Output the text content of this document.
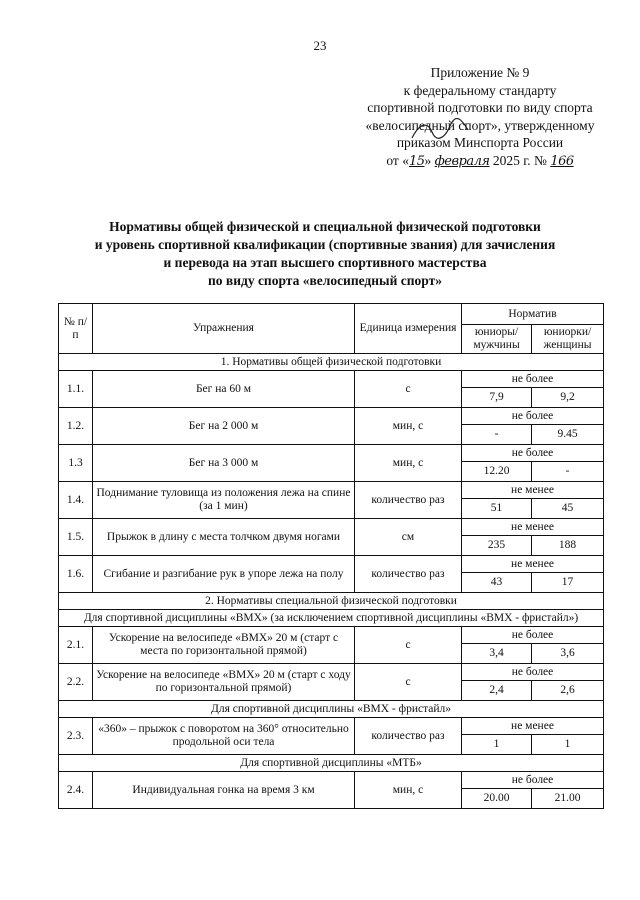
23
Приложение № 9
к федеральному стандарту
спортивной подготовки по виду спорта
«велосипедный спорт», утвержденному
приказом Минспорта России
от «15» февраля 2025 г. № 166
Нормативы общей физической и специальной физической подготовки
и уровень спортивной квалификации (спортивные звания) для зачисления
и перевода на этап высшего спортивного мастерства
по виду спорта «велосипедный спорт»
№ п/п	Упражнения	Единица измерения	Норматив	
			юниоры/ мужчины	юниорки/ женщины
1. Нормативы общей физической подготовки				
1.1.	Бег на 60 м	с	не более	
			7,9	9,2
1.2.	Бег на 2 000 м	мин, с	не более	
			-	9.45
1.3	Бег на 3 000 м	мин, с	не более	
			12.20	-
1.4.	Поднимание туловища из положения лежа на спине (за 1 мин)	количество раз	не менее	
			51	45
1.5.	Прыжок в длину с места толчком двумя ногами	см	не менее	
			235	188
1.6.	Сгибание и разгибание рук в упоре лежа на полу	количество раз	не менее	
			43	17
2. Нормативы специальной физической подготовки				
Для спортивной дисциплины «BMX» (за исключением спортивной дисциплины «BMX - фристайл»)				
2.1.	Ускорение на велосипеде «BMX» 20 м (старт с места по горизонтальной прямой)	с	не более	
			3,4	3,6
2.2.	Ускорение на велосипеде «BMX» 20 м (старт с ходу по горизонтальной прямой)	с	не более	
			2,4	2,6
Для спортивной дисциплины «BMX - фристайл»				
2.3.	«360» – прыжок с поворотом на 360° относительно продольной оси тела	количество раз	не менее	
			1	1
Для спортивной дисциплины «МТБ»				
2.4.	Индивидуальная гонка на время 3 км	мин, с	не более	
			20.00	21.00
